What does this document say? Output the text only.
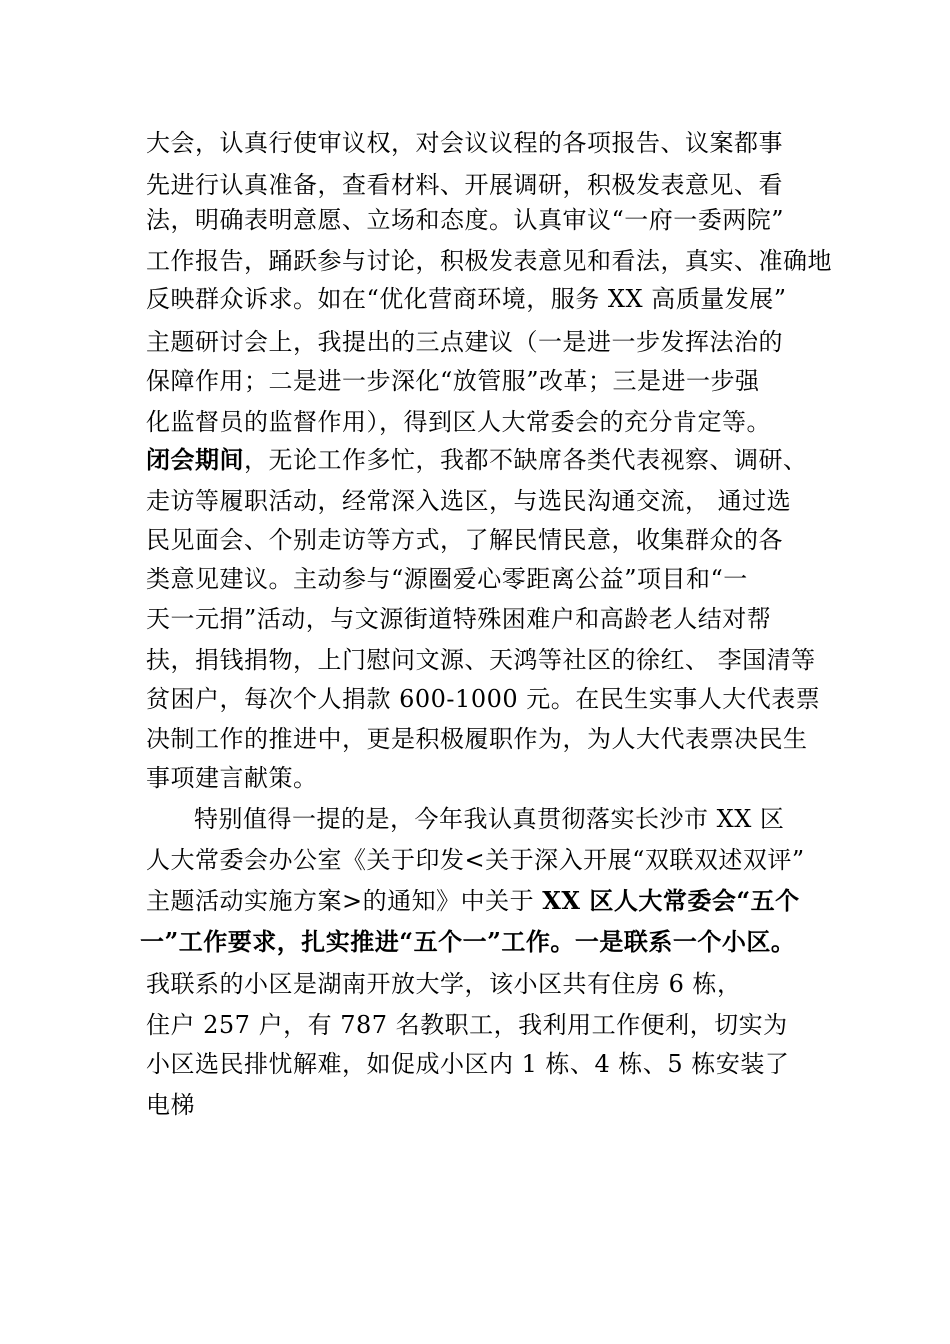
大会，认真行使审议权，对会议议程的各项报告、议案都事
先进行认真准备，查看材料、开展调研，积极发表意见、看
法，明确表明意愿、立场和态度。认真审议“一府一委两院”
工作报告，踊跃参与讨论，积极发表意见和看法，真实、准确地
反映群众诉求。如在“优化营商环境，服务 XX 高质量发展”
主题研讨会上，我提出的三点建议（一是进一步发挥法治的
保障作用；二是进一步深化“放管服”改革；三是进一步强
化监督员的监督作用），得到区人大常委会的充分肯定等。
闭会期间，无论工作多忙，我都不缺席各类代表视察、调研、
走访等履职活动，经常深入选区，与选民沟通交流， 通过选
民见面会、个别走访等方式，了解民情民意，收集群众的各
类意见建议。主动参与“源圈爱心零距离公益”项目和“一
天一元捐”活动，与文源街道特殊困难户和高龄老人结对帮
扶，捐钱捐物，上门慰问文源、天鸿等社区的徐红、 李国清等
贫困户，每次个人捐款 600-1000 元。在民生实事人大代表票
决制工作的推进中，更是积极履职作为，为人大代表票决民生
事项建言献策。
特别值得一提的是，今年我认真贯彻落实长沙市 XX 区
人大常委会办公室《关于印发<关于深入开展“双联双述双评”
主题活动实施方案>的通知》中关于 XX 区人大常委会“五个
一”工作要求，扎实推进“五个一”工作。一是联系一个小区。
我联系的小区是湖南开放大学，该小区共有住房 6 栋，
住户 257 户，有 787 名教职工，我利用工作便利，切实为
小区选民排忧解难，如促成小区内 1 栋、4 栋、5 栋安装了
电梯
